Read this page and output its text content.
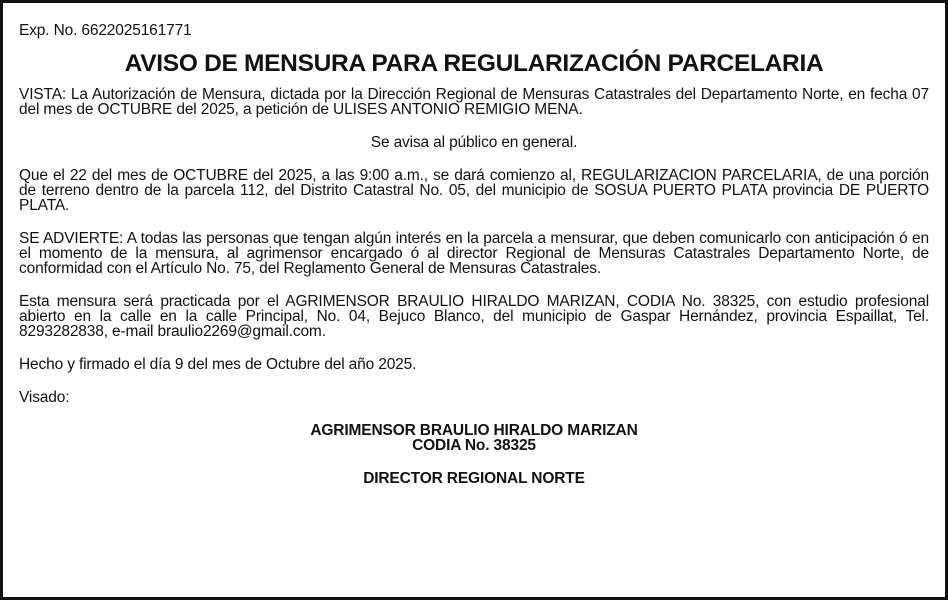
Exp. No. 6622025161771

AVISO DE MENSURA PARA REGULARIZACIÓN PARCELARIA

VISTA: La Autorización de Mensura, dictada por la Dirección Regional de Mensuras Catastrales del Departamento Norte, en fecha 07 del mes de OCTUBRE del 2025, a petición de ULISES ANTONIO REMIGIO MENA.

Se avisa al público en general.

Que el 22 del mes de OCTUBRE del 2025, a las 9:00 a.m., se dará comienzo al, REGULARIZACION PARCELARIA, de una porción de terreno dentro de la parcela 112, del Distrito Catastral No. 05, del municipio de SOSUA PUERTO PLATA provincia DE PUERTO PLATA.

SE ADVIERTE: A todas las personas que tengan algún interés en la parcela a mensurar, que deben comunicarlo con anticipación ó en el momento de la mensura, al agrimensor encargado ó al director Regional de Mensuras Catastrales Departamento Norte, de conformidad con el Artículo No. 75, del Reglamento General de Mensuras Catastrales.

Esta mensura será practicada por el AGRIMENSOR BRAULIO HIRALDO MARIZAN, CODIA No. 38325, con estudio profesional abierto en la calle en la calle Principal, No. 04, Bejuco Blanco, del municipio de Gaspar Hernández, provincia Espaillat, Tel. 8293282838, e-mail braulio2269@gmail.com.

Hecho y firmado el día 9 del mes de Octubre del año 2025.

Visado:

AGRIMENSOR BRAULIO HIRALDO MARIZAN

CODIA No. 38325

DIRECTOR REGIONAL NORTE
